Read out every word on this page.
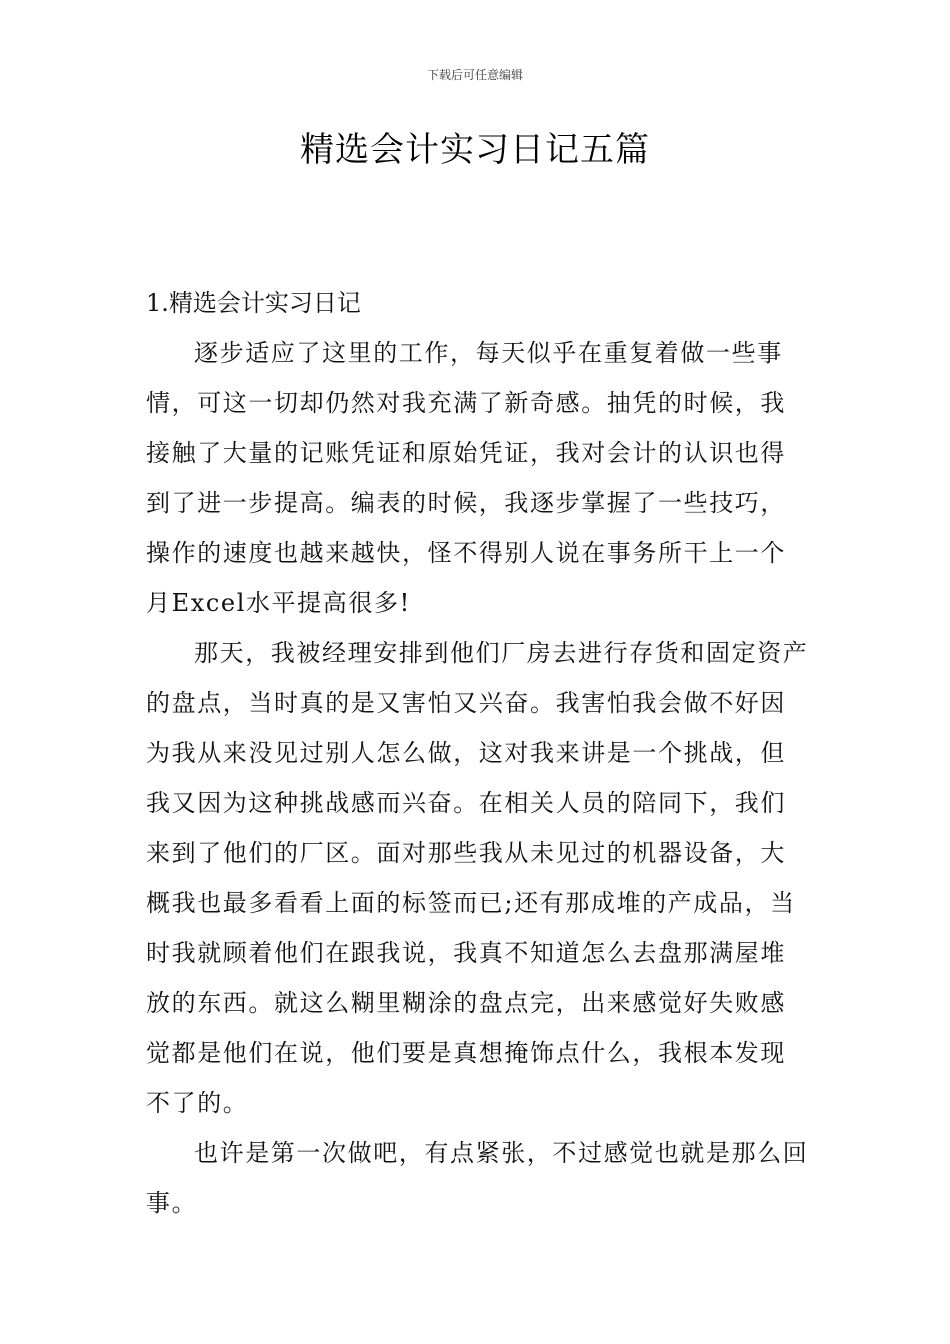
下载后可任意编辑
精选会计实习日记五篇
1.精选会计实习日记

逐步适应了这里的工作，每天似乎在重复着做一些事情，可这一切却仍然对我充满了新奇感。抽凭的时候，我接触了大量的记账凭证和原始凭证，我对会计的认识也得到了进一步提高。编表的时候，我逐步掌握了一些技巧，操作的速度也越来越快，怪不得别人说在事务所干上一个月Excel水平提高很多!

那天，我被经理安排到他们厂房去进行存货和固定资产的盘点，当时真的是又害怕又兴奋。我害怕我会做不好因为我从来没见过别人怎么做，这对我来讲是一个挑战，但我又因为这种挑战感而兴奋。在相关人员的陪同下，我们来到了他们的厂区。面对那些我从未见过的机器设备，大概我也最多看看上面的标签而已;还有那成堆的产成品，当时我就顾着他们在跟我说，我真不知道怎么去盘那满屋堆放的东西。就这么糊里糊涂的盘点完，出来感觉好失败感觉都是他们在说，他们要是真想掩饰点什么，我根本发现不了的。

也许是第一次做吧，有点紧张，不过感觉也就是那么回事。
